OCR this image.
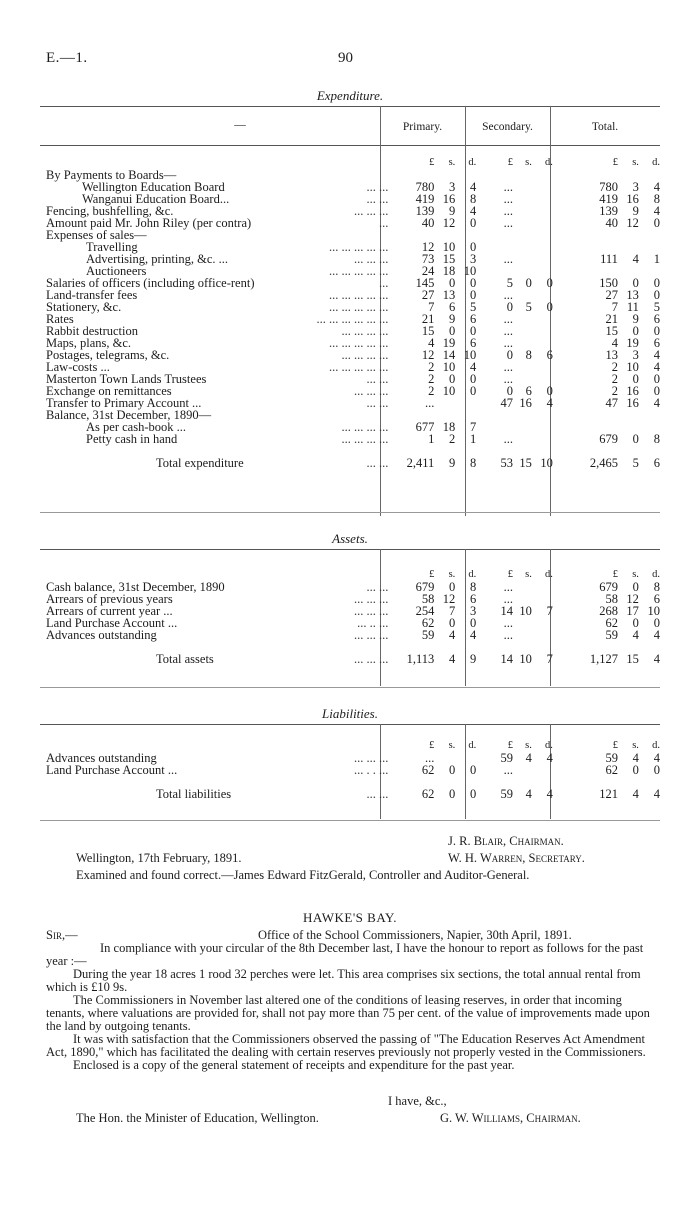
E.—1.	90
Expenditure.
—	Primary.	Secondary.	Total.
		£	s.	d.		£	s.	d.		£	s.	d.
By Payments to Boards—												
Wellington Education Board	... ...	780	3	4		...				780	3	4
Wanganui Education Board...	... ...	419	16	8		...				419	16	8
Fencing, bushfelling, &c.	... ... ...	139	9	4		...				139	9	4
Amount paid Mr. John Riley (per contra)	...	40	12	0		...				40	12	0
Expenses of sales—												
Travelling	... ... ... ... ...	12	10	0								
Advertising, printing, &c. ...	... ... ...	73	15	3		...				111	4	1
Auctioneers	... ... ... ... ...	24	18	10								
Salaries of officers (including office-rent)	...	145	0	0		5	0	0		150	0	0
Land-transfer fees	... ... ... ... ...	27	13	0		...				27	13	0
Stationery, &c.	... ... ... ... ...	7	6	5		0	5	0		7	11	5
Rates	... ... ... ... ... ...	21	9	6		...				21	9	6
Rabbit destruction	... ... ... ...	15	0	0		...				15	0	0
Maps, plans, &c.	... ... ... ... ...	4	19	6		...				4	19	6
Postages, telegrams, &c.	... ... ... ...	12	14	10		0	8	6		13	3	4
Law-costs ...	... ... ... ... ...	2	10	4		...				2	10	4
Masterton Town Lands Trustees	... ...	2	0	0		...				2	0	0
Exchange on remittances	... ... ...	2	10	0		0	6	0		2	16	0
Transfer to Primary Account ...	... ...	...				47	16	4		47	16	4
Balance, 31st December, 1890—												
As per cash-book ...	... ... ... ...	677	18	7								
Petty cash in hand	... ... ... ...	1	2	1		...				679	0	8

Total expenditure	... ...	2,411	9	8		53	15	10		2,465	5	6
Assets.
		£	s.	d.		£	s.	d.		£	s.	d.
Cash balance, 31st December, 1890	... ...	679	0	8		...				679	0	8
Arrears of previous years	... ... ...	58	12	6		...				58	12	6
Arrears of current year ...	... ... ...	254	7	3		14	10	7		268	17	10
Land Purchase Account ...	... .. ...	62	0	0		...				62	0	0
Advances outstanding	... ... ...	59	4	4		...				59	4	4

Total assets	... ... ...	1,113	4	9		14	10	7		1,127	15	4
Liabilities.
		£	s.	d.		£	s.	d.		£	s.	d.
Advances outstanding	... ... ...	...				59	4	4		59	4	4
Land Purchase Account ...	... . . ...	62	0	0		...				62	0	0

Total liabilities	... ...	62	0	0		59	4	4		121	4	4
J. R. Blair, Chairman.
Wellington, 17th February, 1891.	W. H. Warren, Secretary.
Examined and found correct.—James Edward FitzGerald, Controller and Auditor-General.
HAWKE'S BAY.
Sir,—	Office of the School Commissioners, Napier, 30th April, 1891.

In compliance with your circular of the 8th December last, I have the honour to report as follows for the past year :—

During the year 18 acres 1 rood 32 perches were let. This area comprises six sections, the total annual rental from which is £10 9s.

The Commissioners in November last altered one of the conditions of leasing reserves, in order that incoming tenants, where valuations are provided for, shall not pay more than 75 per cent. of the value of improvements made upon the land by outgoing tenants.

It was with satisfaction that the Commissioners observed the passing of "The Education Reserves Act Amendment Act, 1890," which has facilitated the dealing with certain reserves previously not properly vested in the Commissioners.

Enclosed is a copy of the general statement of receipts and expenditure for the past year.

I have, &c.,
The Hon. the Minister of Education, Wellington.	G. W. Williams, Chairman.
